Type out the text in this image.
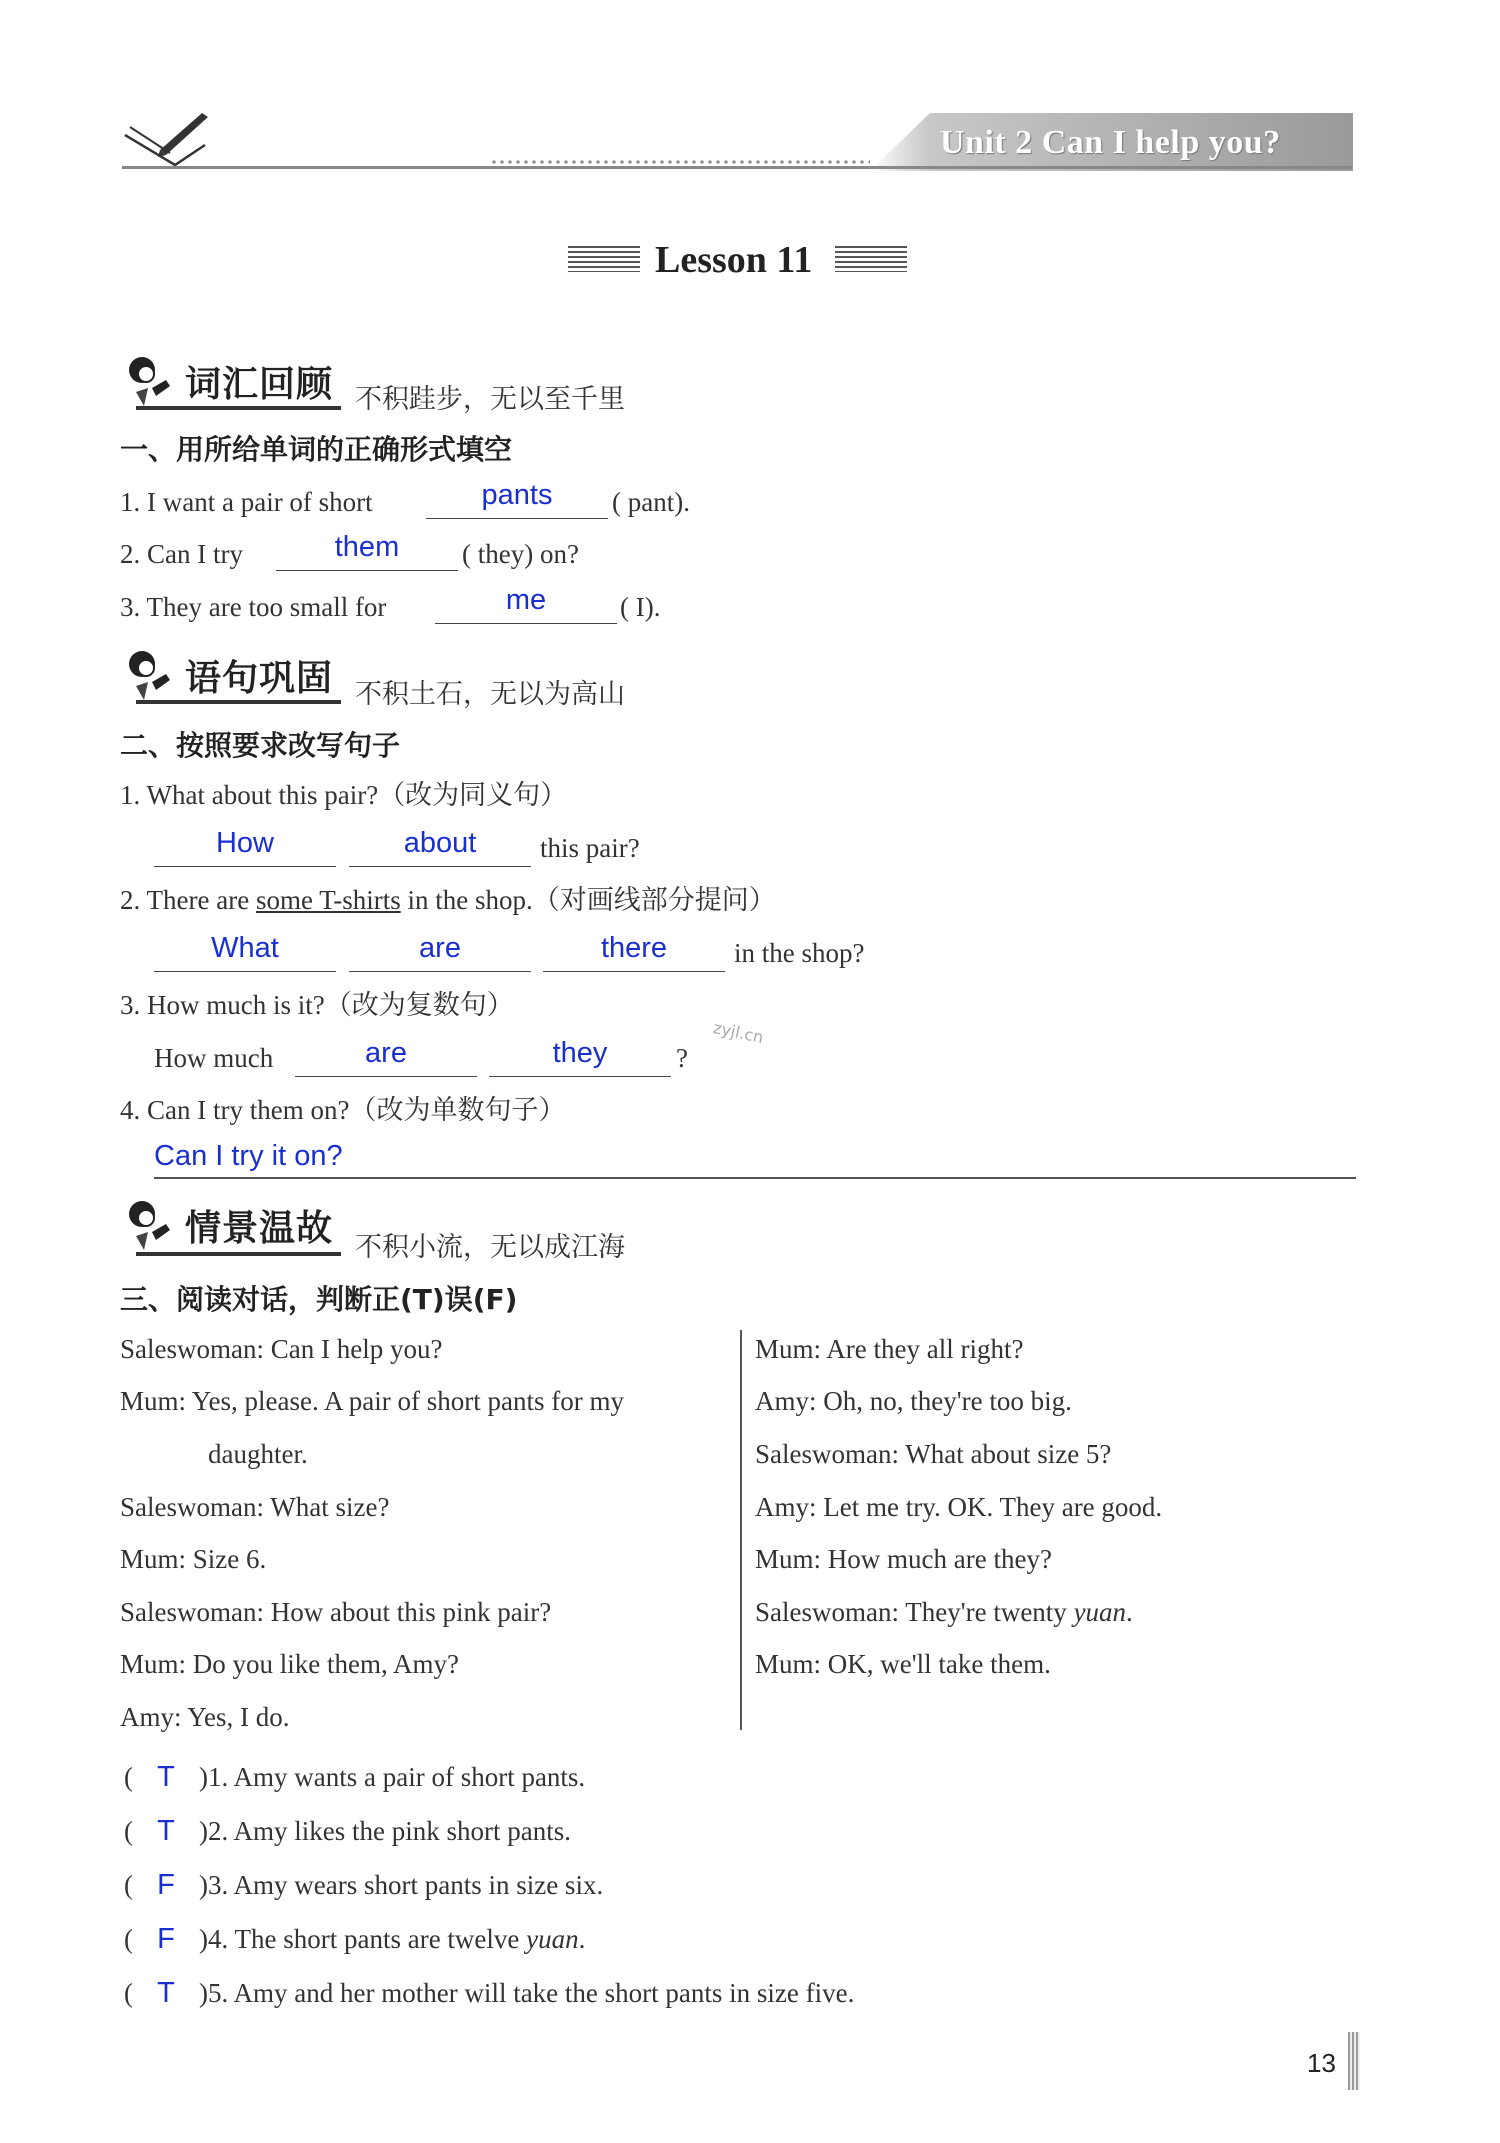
Unit 2 Can I help you?
Lesson 11
词汇回顾 不积跬步，无以至千里
一、用所给单词的正确形式填空
1. I want a pair of short	pants	( pant).
2. Can I try	them	( they) on?
3. They are too small for	me	( I).
语句巩固 不积土石，无以为高山
二、按照要求改写句子
1. What about this pair?（改为同义句）
How	about	this pair?
2. There are some T-shirts in the shop.（对画线部分提问）
What	are	there	in the shop?
3. How much is it?（改为复数句）
How much	are	they	?
zyjl.cn
4. Can I try them on?（改为单数句子）
Can I try it on?
情景温故 不积小流，无以成江海
三、阅读对话，判断正(T)误(F)
Saleswoman: Can I help you?
Mum: Yes, please. A pair of short pants for my
daughter.
Saleswoman: What size?
Mum: Size 6.
Saleswoman: How about this pink pair?
Mum: Do you like them, Amy?
Amy: Yes, I do.
Mum: Are they all right?
Amy: Oh, no, they're too big.
Saleswoman: What about size 5?
Amy: Let me try. OK. They are good.
Mum: How much are they?
Saleswoman: They're twenty yuan.
Mum: OK, we'll take them.
( T )1. Amy wants a pair of short pants.
( T )2. Amy likes the pink short pants.
( F )3. Amy wears short pants in size six.
( F )4. The short pants are twelve yuan.
( T )5. Amy and her mother will take the short pants in size five.
13
